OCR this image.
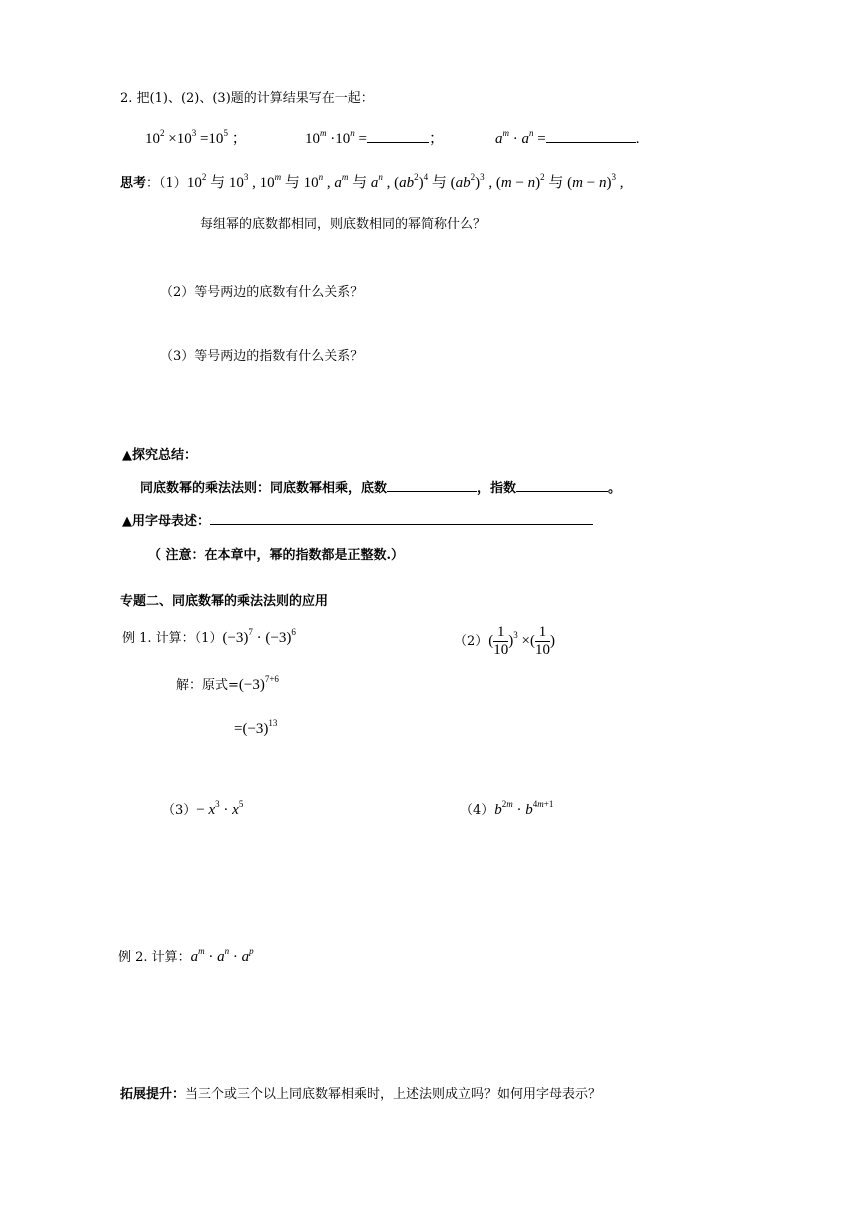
2. 把(1)、(2)、(3)题的计算结果写在一起：
$10^2 \times 10^3 =10^5$ ；	$10^m \cdot 10^n$ =	；	$a^m \cdot a^n$ =	.
思考：$(1)10^2$ 与 $10^3$ , 10$^m$ 与 10$^n$ , $a^m$ 与 $a^n$ , $(ab^2)^4$ 与 $(ab^2)^3$ , $(m - n)^2$ 与 $(m - n)^3$ ,
每组幂的底数都相同，则底数相同的幂简称什么？
（2）等号两边的底数有什么关系？
（3）等号两边的指数有什么关系？
▲探究总结：
同底数幂的乘法法则：同底数幂相乘，底数	，指数	。
▲用字母表述：
（ 注意：在本章中，幂的指数都是正整数.）
专题二、同底数幂的乘法法则的应用
例 1. 计算：$(1)(-3)^7 \cdot (-3)^6$
$(2)( \frac{1}{10} )^3$ ×( $\frac{1}{10}$ )
解：原式$=(-3)^{7+6}$
$=(-3)^{13}$
$(3)- x^3 \cdot x^5$	$(4)b^{2m} \cdot b^{4m+1}$
例 2. 计算：$a^m \cdot a^n \cdot a^p$
拓展提升：当三个或三个以上同底数幂相乘时，上述法则成立吗？如何用字母表示？
